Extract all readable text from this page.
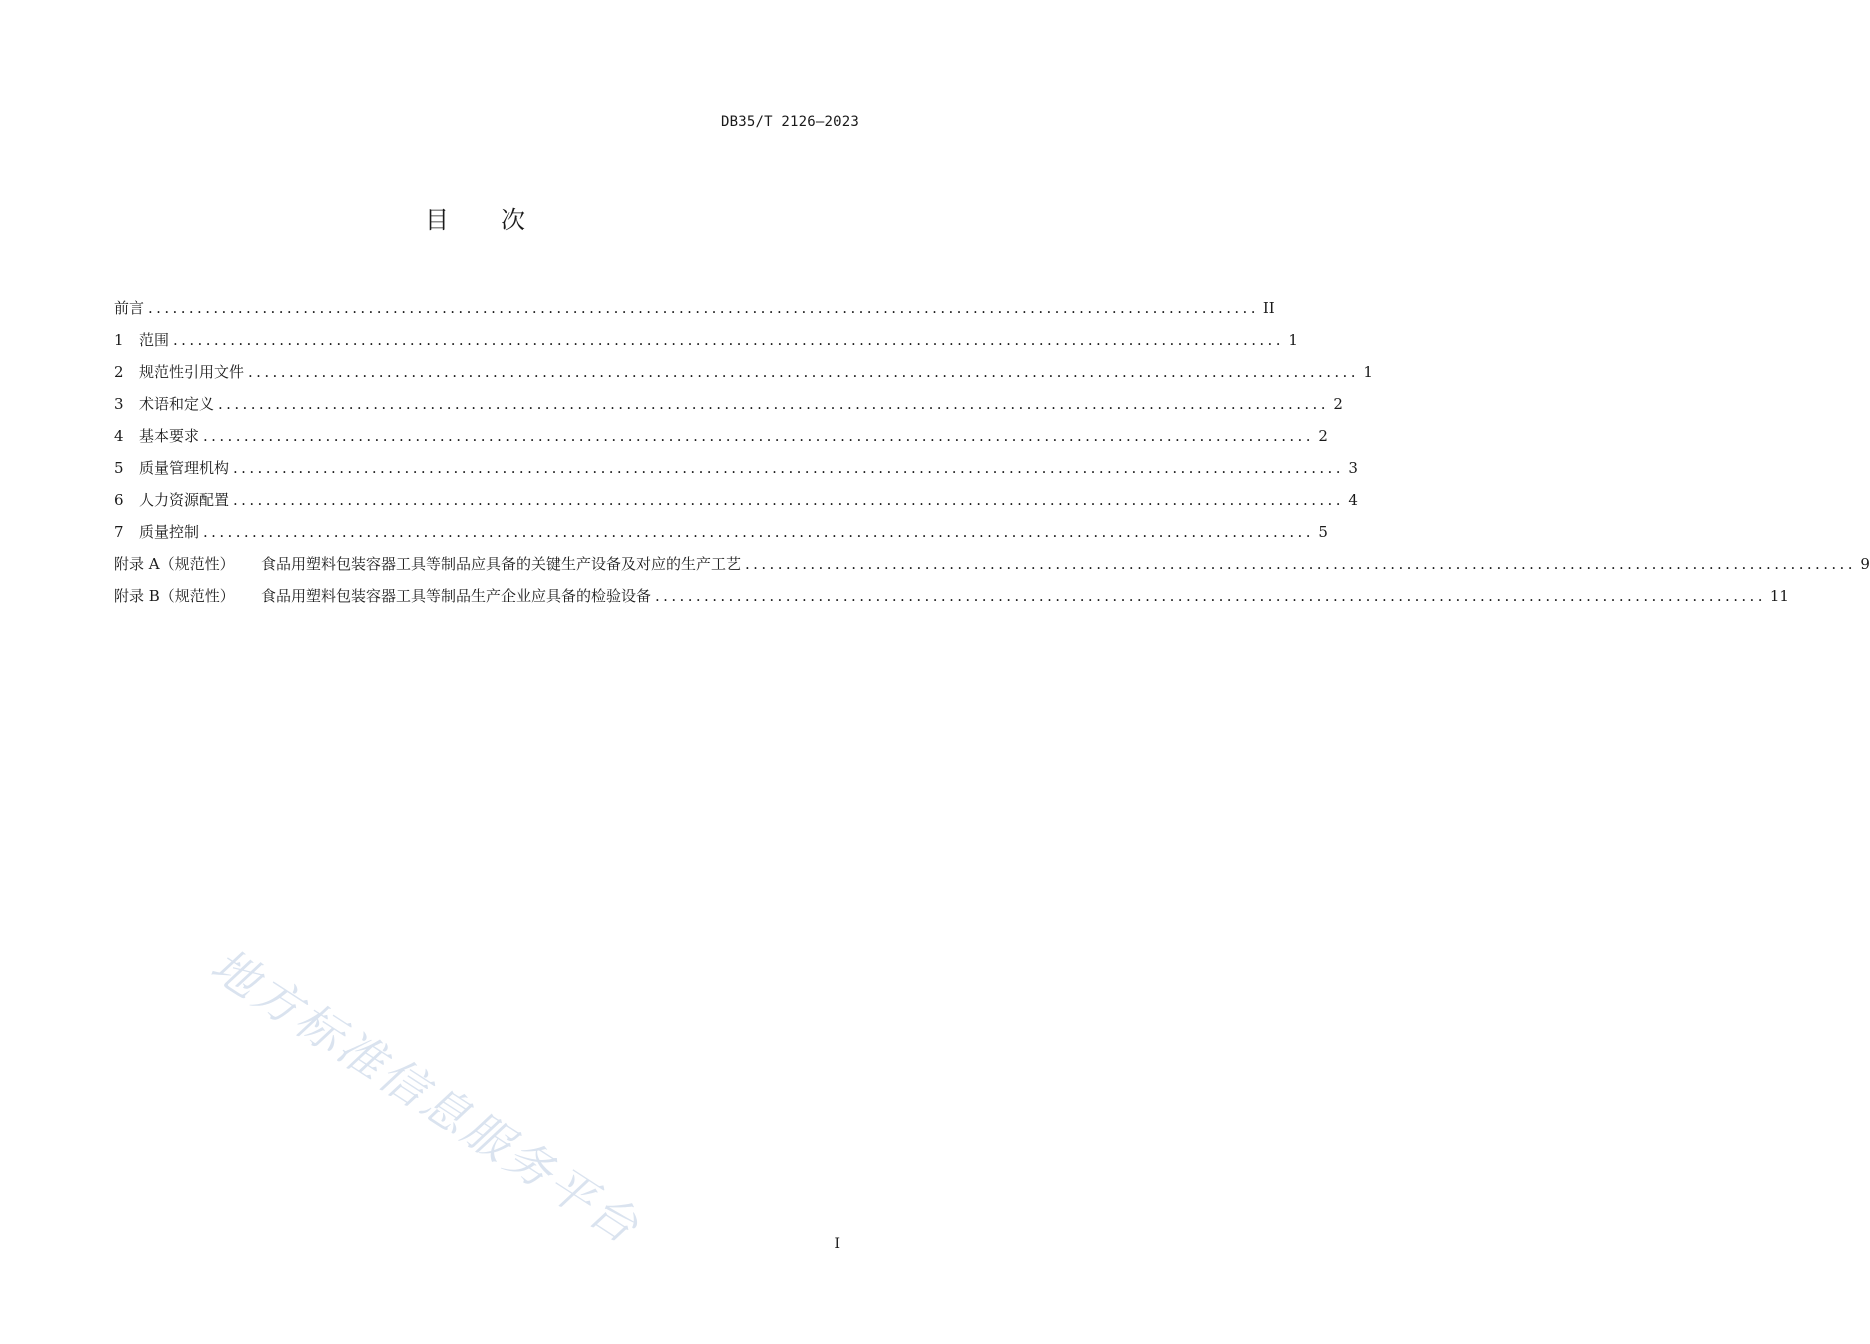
DB35/T 2126—2023
目次
前言 ........................................................................................................................................ II
1	范围 ........................................................................................................................................ 1
2	规范性引用文件 ........................................................................................................................................ 1
3	术语和定义 ........................................................................................................................................ 2
4	基本要求 ........................................................................................................................................ 2
5	质量管理机构 ........................................................................................................................................ 3
6	人力资源配置 ........................................................................................................................................ 4
7	质量控制 ........................................................................................................................................ 5
附录 A（规范性）	食品用塑料包装容器工具等制品应具备的关键生产设备及对应的生产工艺 ........................................................................................................................................ 9
附录 B（规范性）	食品用塑料包装容器工具等制品生产企业应具备的检验设备 ........................................................................................................................................ 11
地方标准信息服务平台	I
